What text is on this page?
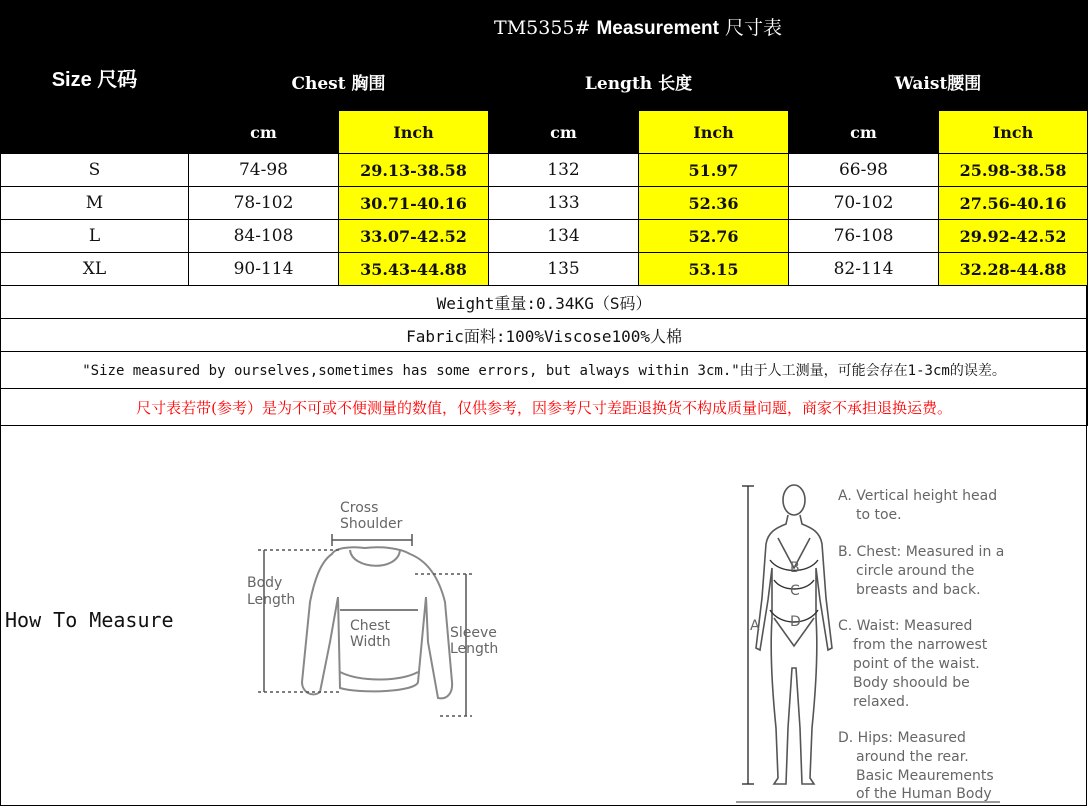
Size 尺码	TM5355# Measurement 尺寸表					
	Chest 胸围		Length 长度		Waist腰围	
	cm	Inch	cm	Inch	cm	Inch
S	74-98	29.13-38.58	132	51.97	66-98	25.98-38.58
M	78-102	30.71-40.16	133	52.36	70-102	27.56-40.16
L	84-108	33.07-42.52	134	52.76	76-108	29.92-42.52
XL	90-114	35.43-44.88	135	53.15	82-114	32.28-44.88
Weight重量:0.34KG（S码）						
Fabric面料:100%Viscose100%人棉						
"Size measured by ourselves,sometimes has some errors, but always within 3cm."由于人工测量，可能会存在1-3cm的误差。						
尺寸表若带(参考）是为不可或不便测量的数值，仅供参考，因参考尺寸差距退换货不构成质量问题，商家不承担退换运费。						
How To Measure
Cross
Shoulder
Body
Length
Chest
Width
Sleeve
Length
A
B
C
D
A. Vertical height head
to toe.
B. Chest: Measured in a
circle around the
breasts and back.
C. Waist: Measured
from the narrowest
point of the waist.
Body shoould be
relaxed.
D. Hips: Measured
around the rear.
Basic Meaurements
of the Human Body
